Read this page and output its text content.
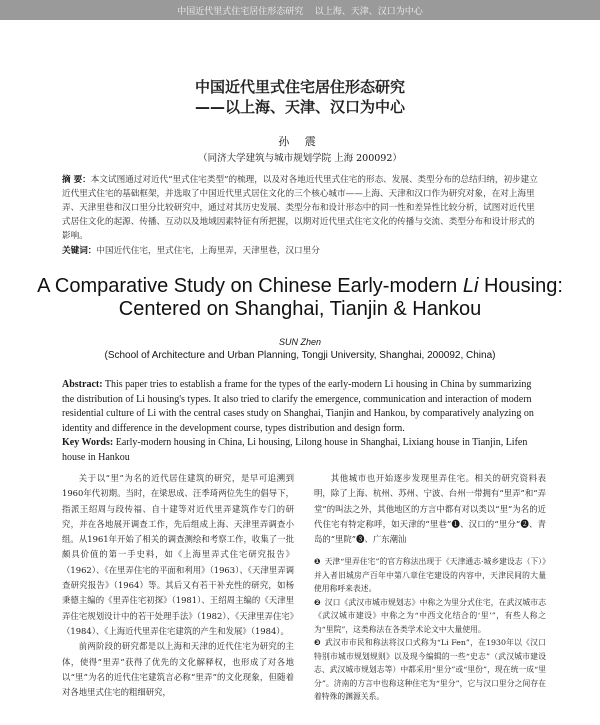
中国近代里式住宅居住形态研究    以上海、天津、汉口为中心
中国近代里式住宅居住形态研究
——以上海、天津、汉口为中心
孙 震
（同济大学建筑与城市规划学院 上海 200092）
摘 要：本文试图通过对近代“里式住宅类型”的梳理，以及对各地近代里式住宅的形态、发展、类型分布的总结归纳，初步建立近代里式住宅的基础框架，并选取了中国近代里式居住文化的三个核心城市——上海、天津和汉口作为研究对象，在对上海里弄、天津里巷和汉口里分比较研究中，通过对其历史发展、类型分布和设计形态中的同一性和差异性比较分析，试图对近代里式居住文化的起源、传播、互动以及地域因素特征有所把握，以期对近代里式住宅文化的传播与交流、类型分布和设计形式的影响。
关键词：中国近代住宅，里式住宅，上海里弄，天津里巷，汉口里分
A Comparative Study on Chinese Early-modern Li Housing:
Centered on Shanghai, Tianjin & Hankou
SUN Zhen
(School of Architecture and Urban Planning, Tongji University, Shanghai, 200092, China)
Abstract: This paper tries to establish a frame for the types of the early-modern Li housing in China by summarizing the distribution of Li housing's types. It also tried to clarify the emergence, communication and interaction of modern residential culture of Li with the central cases study on Shanghai, Tianjin and Hankou, by comparatively analyzing on identity and difference in the development course, types distribution and design form.
Key Words: Early-modern housing in China, Li housing, Lilong house in Shanghai, Lixiang house in Tianjin, Lifen house in Hankou

关于以“里”为名的近代居住建筑的研究，是早可追溯到1960年代初期。当时，在梁思成、汪季琦两位先生的倡导下，指派王绍周与段传福、自十建等对近代里弄建筑作专门的研究，并在各地展开调查工作，先后组成上海、天津里弄调查小组。从1961年开始了相关的调查测绘和考察工作，收集了一批颇具价值的第一手史料，如《上海里弄式住宅研究报告》（1962）、《在里弄住宅的平面和利用》（1963）、《天津里弄调查研究报告》（1964）等。其后又有若干补充性的研究，如杨秉德主编的《里弄住宅初探》（1981）、王绍周主编的《天津里弄住宅规划设计中的若干处理手法》（1982）、《天津里弄住宅》（1984）、《上海近代里弄住宅建筑的产生和发展》（1984）。

前两阶段的研究都是以上海和天津的近代住宅为研究的主体，使得“里弄”获得了优先的文化解释权，也形成了对各地以“里”为名的近代住宅建筑言必称“里弄”的文化现象，但随着对各地里式住宅的粗细研究，

其他城市也开始逐步发现里弄住宅。相关的研究资料表明，除了上海、杭州、苏州、宁波、台州一带拥有“里弄”和“弄堂”的叫法之外，其他地区的方言中都有对以类以“里”为名的近代住宅有特定称呼，如天津的“里巷”❶、汉口的“里分”❷、青岛的“里院”❸、广东潮汕

❶ 天津“里弄住宅”的官方称法出现于《天津通志·城乡建设志（下）》并入者旧城房产百年中第八章住宅建设的内容中，天津民间的大量使用称呼来表述。

❷ 汉口《武汉市城市规划志》中称之为里分式住宅，在武汉城市志《武汉城市建设》中称之为“中西文化结合的‘里’”，有些人称之为“里院”，这类称法在各类学术论文中大量使用。

❸ 武汉市市民和称法将汉口式称为“Li Fen”，在1930年以《汉口特别市城市规划规则》以及现今编辑的一些“史志”（武汉城市建设志、武汉城市规划志等）中都采用“里分”或“里份”，现在统一成“里分”。济南的方言中也称这种住宅为“里分”，它与汉口里分之间存在着特殊的渊源关系。
